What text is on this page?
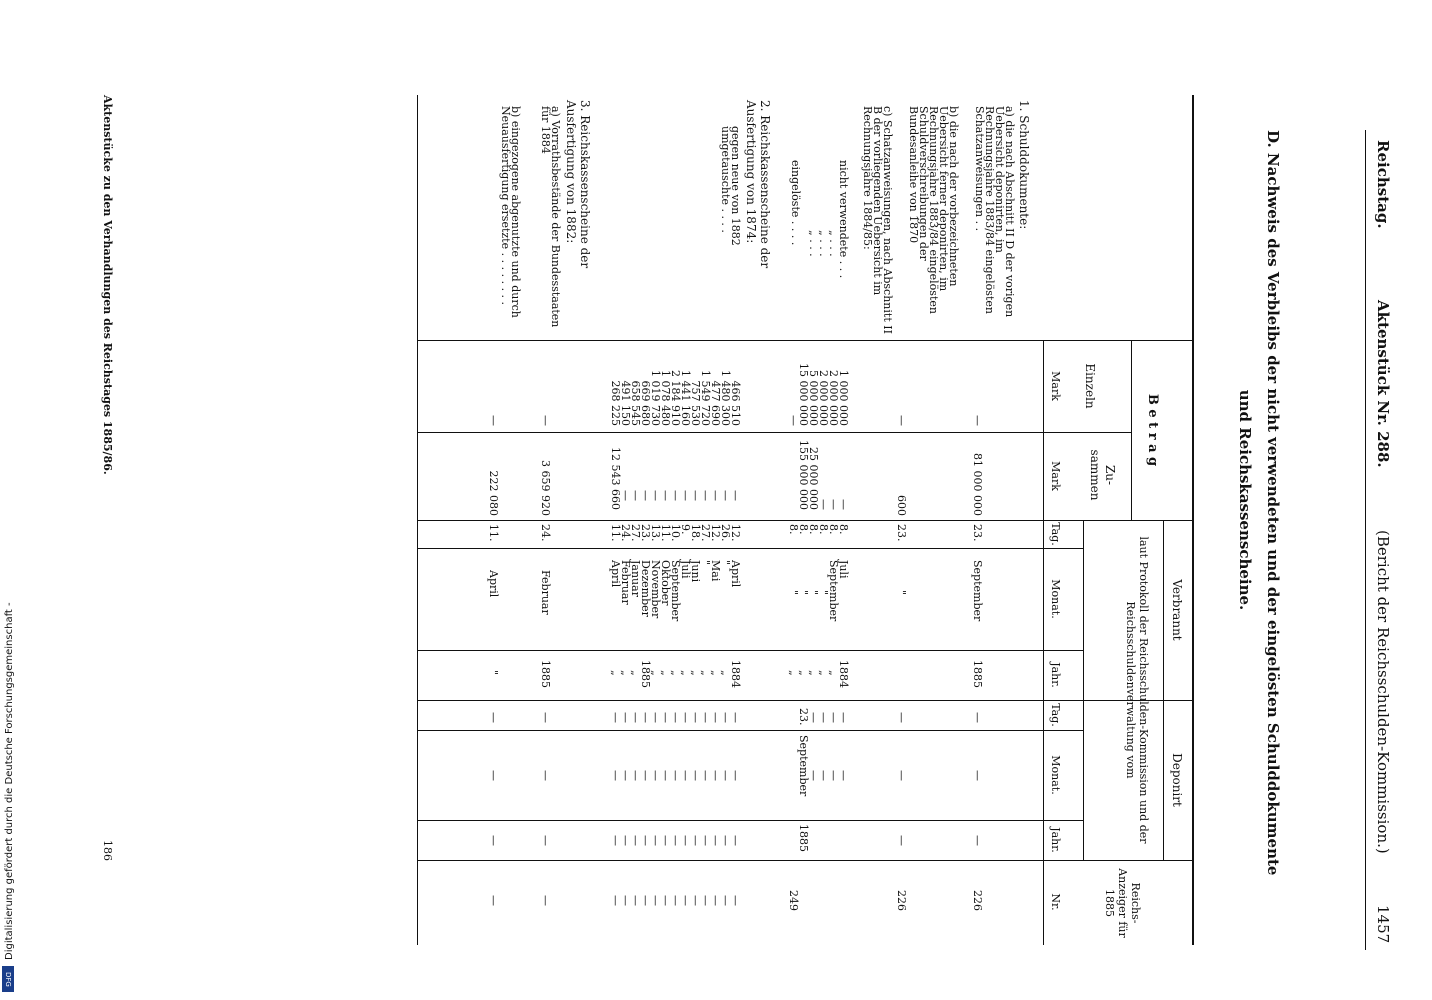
Reichstag.
Aktenstück Nr. 288.
(Bericht der Reichsschulden-Kommission.)
1457
D. Nachweis des Verbleibs der nicht verwendeten und der eingelösten Schulddokumente
und Reichskassenscheine.
B e t r a g
Einzeln
Zu-sammen
Mark
Mark
Verbrannt
Deponirt
laut Protokoll der Reichsschulden-Kommission und der Reichsschuldenverwaltung vom
Tag.
Monat.
Jahr.
Tag.
Monat.
Jahr.
Reichs-Anzeiger für 1885
Nr.
1. Schulddokumente:
a) die nach Abschnitt II D der vorigen Uebersicht deponirten, im Rechnungsjahre 1883/84 eingelösten Schatzanweisungen . .
b) die nach der vorbezeichneten Uebersicht ferner deponirten, im Rechnungsjahre 1883/84 eingelösten Schuldverschreibungen der Bundesanleihe von 1870
c) Schatzanweisungen, nach Abschnitt II B der vorliegenden Uebersicht im Rechnungsjahre 1884/85:
nicht verwendete . . .
„ . . .
„ . . .
„ . . .
eingelöste . . . .
2. Reichskassenscheine der Ausfertigung von 1874:
gegen neue von 1882 umgetauschte . . . .
3. Reichskassenscheine der Ausfertigung von 1882:
a) Vorrathsbestände der Bundesstaaten für 1884
b) eingezogene abgenutzte und durch Neuausfertigung ersetzte . . . . . . . .
—
81 000 000
23.
September
1885
—
—
—
226
—
600
23.
"
—
—
—
226
1 000 000
—
8.
Juli
1884
—
—
2 000 000
—
8.
September
„
—
—
2 000 000
—
8.
"
„
—
—
5 000 000
25 000 000
8.
"
„
—
—
15 000 000
155 000 000
8.
"
„
23.
September
1885
—
8.
"
„
249
466 510
—
12.
April
1884
—
—
—
—
1 480 300
—
26.
"
„
—
—
—
—
477 690
—
12.
Mai
„
—
—
—
—
1 549 720
—
27.
"
„
—
—
—
—
757 530
—
18.
Juni
„
—
—
—
—
1 441 160
—
9.
Juli
„
—
—
—
—
2 184 910
—
10.
September
„
—
—
—
—
1 078 480
—
11.
Oktober
„
—
—
—
—
1 019 730
—
13.
November
„
—
—
—
—
669 680
—
23.
Dezember
1885
—
—
—
—
658 545
—
27.
Januar
„
—
—
—
—
491 150
—
24.
Februar
„
—
—
—
—
268 225
12 543 660
11.
April
„
—
—
—
—
—
3 659 920
24.
Februar
1885
—
—
—
—
—
222 080
11.
April
"
—
—
—
—
Aktenstücke zu den Verhandlungen des Reichstages 1885/86.
186
Digitalisierung gefördert durch die Deutsche Forschungsgemeinschaft -
DFG
